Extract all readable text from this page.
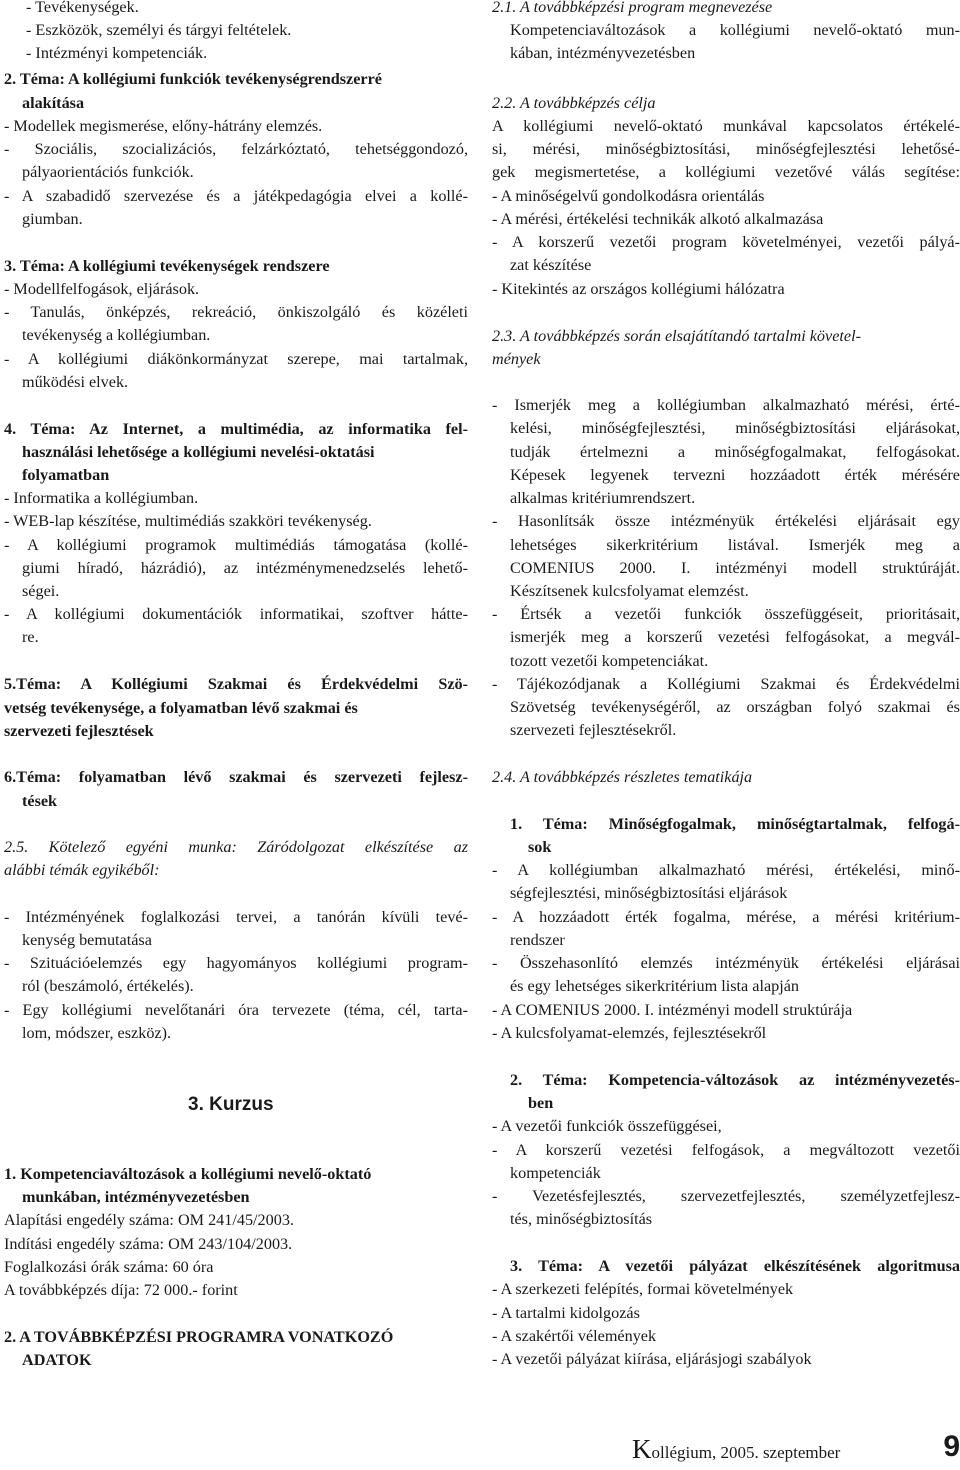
- Tevékenységek.
- Eszközök, személyi és tárgyi feltételek.
- Intézményi kompetenciák.
2. Téma: A kollégiumi funkciók tevékenységrendszerré
alakítása
- Modellek megismerése, előny-hátrány elemzés.
- Szociális, szocializációs, felzárkóztató, tehetséggondozó,
pályaorientációs funkciók.
- A szabadidő szervezése és a játékpedagógia elvei a kollé-
giumban.
3. Téma: A kollégiumi tevékenységek rendszere
- Modellfelfogások, eljárások.
- Tanulás, önképzés, rekreáció, önkiszolgáló és közéleti
tevékenység a kollégiumban.
- A kollégiumi diákönkormányzat szerepe, mai tartalmak,
működési elvek.
4. Téma: Az Internet, a multimédia, az informatika fel-
használási lehetősége a kollégiumi nevelési-oktatási
folyamatban
- Informatika a kollégiumban.
- WEB-lap készítése, multimédiás szakköri tevékenység.
- A kollégiumi programok multimédiás támogatása (kollé-
giumi híradó, házrádió), az intézménymenedzselés lehető-
ségei.
- A kollégiumi dokumentációk informatikai, szoftver hátte-
re.
5.Téma: A Kollégiumi Szakmai és Érdekvédelmi Szö-
vetség tevékenysége, a folyamatban lévő szakmai és
szervezeti fejlesztések
6.Téma: folyamatban lévő szakmai és szervezeti fejlesz-
tések
2.5. Kötelező egyéni munka: Záródolgozat elkészítése az
alábbi témák egyikéből:
- Intézményének foglalkozási tervei, a tanórán kívüli tevé-
kenység bemutatása
- Szituációelemzés egy hagyományos kollégiumi program-
ról (beszámoló, értékelés).
- Egy kollégiumi nevelőtanári óra tervezete (téma, cél, tarta-
lom, módszer, eszköz).
3. Kurzus
1. Kompetenciaváltozások a kollégiumi nevelő-oktató
munkában, intézményvezetésben
Alapítási engedély száma: OM 241/45/2003.
Indítási engedély száma: OM 243/104/2003.
Foglalkozási órák száma: 60 óra
A továbbképzés díja: 72 000.- forint
2. A TOVÁBBKÉPZÉSI PROGRAMRA VONATKOZÓ
ADATOK
2.1. A továbbképzési program megnevezése
Kompetenciaváltozások a kollégiumi nevelő-oktató mun-
kában, intézményvezetésben
2.2. A továbbképzés célja
A kollégiumi nevelő-oktató munkával kapcsolatos értékelé-
si, mérési, minőségbiztosítási, minőségfejlesztési lehetősé-
gek megismertetése, a kollégiumi vezetővé válás segítése:
- A minőségelvű gondolkodásra orientálás
- A mérési, értékelési technikák alkotó alkalmazása
- A korszerű vezetői program követelményei, vezetői pályá-
zat készítése
- Kitekintés az országos kollégiumi hálózatra
2.3. A továbbképzés során elsajátítandó tartalmi követel-
mények
- Ismerjék meg a kollégiumban alkalmazható mérési, érté-
kelési, minőségfejlesztési, minőségbiztosítási eljárásokat,
tudják értelmezni a minőségfogalmakat, felfogásokat.
Képesek legyenek tervezni hozzáadott érték mérésére
alkalmas kritériumrendszert.
- Hasonlítsák össze intézményük értékelési eljárásait egy
lehetséges sikerkritérium listával. Ismerjék meg a
COMENIUS 2000. I. intézményi modell struktúráját.
Készítsenek kulcsfolyamat elemzést.
- Értsék a vezetői funkciók összefüggéseit, prioritásait,
ismerjék meg a korszerű vezetési felfogásokat, a megvál-
tozott vezetői kompetenciákat.
- Tájékozódjanak a Kollégiumi Szakmai és Érdekvédelmi
Szövetség tevékenységéről, az országban folyó szakmai és
szervezeti fejlesztésekről.
2.4. A továbbképzés részletes tematikája
1. Téma: Minőségfogalmak, minőségtartalmak, felfogá-
sok
- A kollégiumban alkalmazható mérési, értékelési, minő-
ségfejlesztési, minőségbiztosítási eljárások
- A hozzáadott érték fogalma, mérése, a mérési kritérium-
rendszer
- Összehasonlító elemzés intézményük értékelési eljárásai
és egy lehetséges sikerkritérium lista alapján
- A COMENIUS 2000. I. intézményi modell struktúrája
- A kulcsfolyamat-elemzés, fejlesztésekről
2. Téma: Kompetencia-változások az intézményvezetés-
ben
- A vezetői funkciók összefüggései,
- A korszerű vezetési felfogások, a megváltozott vezetői
kompetenciák
- Vezetésfejlesztés, szervezetfejlesztés, személyzetfejlesz-
tés, minőségbiztosítás
3. Téma: A vezetői pályázat elkészítésének algoritmusa
- A szerkezeti felépítés, formai követelmények
- A tartalmi kidolgozás
- A szakértői vélemények
- A vezetői pályázat kiírása, eljárásjogi szabályok
Kollégium, 2005. szeptember	9
